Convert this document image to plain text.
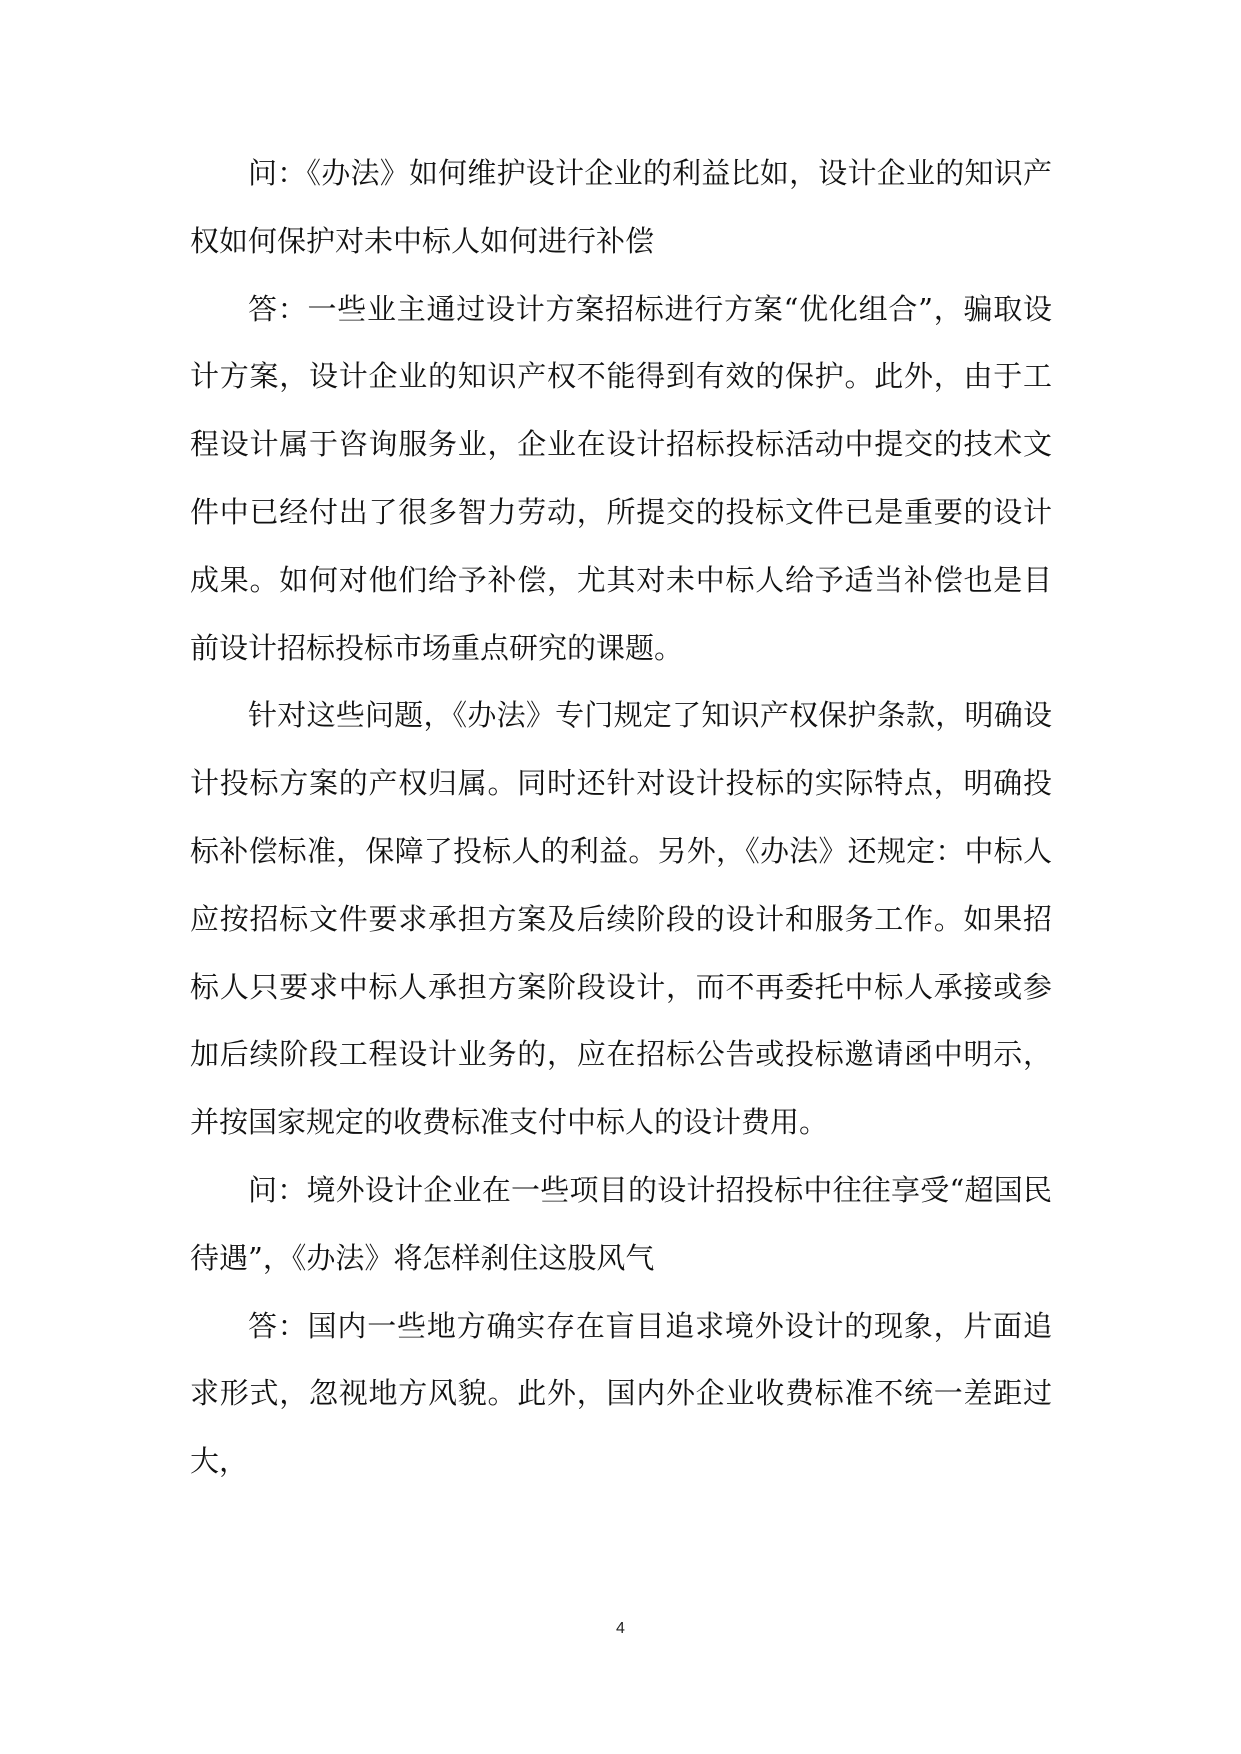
问：《办法》如何维护设计企业的利益比如，设计企业的知识产权如何保护对未中标人如何进行补偿

答：一些业主通过设计方案招标进行方案“优化组合”，骗取设计方案，设计企业的知识产权不能得到有效的保护。此外，由于工程设计属于咨询服务业，企业在设计招标投标活动中提交的技术文件中已经付出了很多智力劳动，所提交的投标文件已是重要的设计成果。如何对他们给予补偿，尤其对未中标人给予适当补偿也是目前设计招标投标市场重点研究的课题。

针对这些问题，《办法》专门规定了知识产权保护条款，明确设计投标方案的产权归属。同时还针对设计投标的实际特点，明确投标补偿标准，保障了投标人的利益。另外，《办法》还规定：中标人应按招标文件要求承担方案及后续阶段的设计和服务工作。如果招标人只要求中标人承担方案阶段设计，而不再委托中标人承接或参加后续阶段工程设计业务的，应在招标公告或投标邀请函中明示，并按国家规定的收费标准支付中标人的设计费用。

问：境外设计企业在一些项目的设计招投标中往往享受“超国民待遇”，《办法》将怎样刹住这股风气

答：国内一些地方确实存在盲目追求境外设计的现象，片面追求形式，忽视地方风貌。此外，国内外企业收费标准不统一差距过大，

4
